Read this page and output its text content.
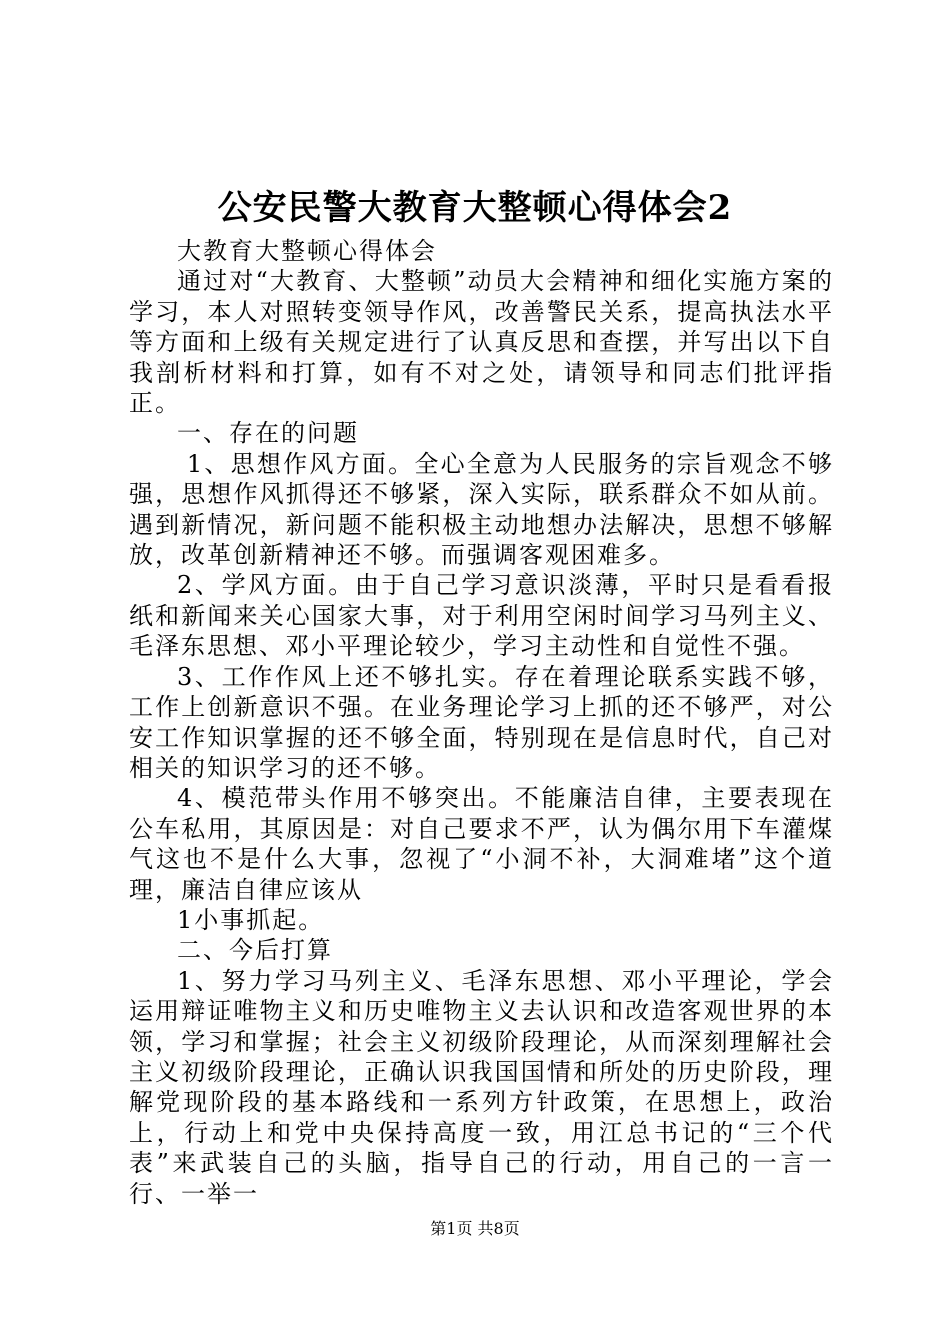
公安民警大教育大整顿心得体会2

大教育大整顿心得体会

通过对“大教育、大整顿”动员大会精神和细化实施方案的学习，本人对照转变领导作风，改善警民关系，提高执法水平等方面和上级有关规定进行了认真反思和查摆，并写出以下自我剖析材料和打算，如有不对之处，请领导和同志们批评指正。

一、存在的问题

1、思想作风方面。全心全意为人民服务的宗旨观念不够强，思想作风抓得还不够紧，深入实际，联系群众不如从前。遇到新情况，新问题不能积极主动地想办法解决，思想不够解放，改革创新精神还不够。而强调客观困难多。

2、学风方面。由于自己学习意识淡薄，平时只是看看报纸和新闻来关心国家大事，对于利用空闲时间学习马列主义、毛泽东思想、邓小平理论较少，学习主动性和自觉性不强。

3、工作作风上还不够扎实。存在着理论联系实践不够，工作上创新意识不强。在业务理论学习上抓的还不够严，对公安工作知识掌握的还不够全面，特别现在是信息时代，自己对相关的知识学习的还不够。

4、模范带头作用不够突出。不能廉洁自律，主要表现在公车私用，其原因是：对自己要求不严，认为偶尔用下车灌煤气这也不是什么大事，忽视了“小洞不补，大洞难堵”这个道理，廉洁自律应该从

1小事抓起。

二、今后打算

1、努力学习马列主义、毛泽东思想、邓小平理论，学会运用辩证唯物主义和历史唯物主义去认识和改造客观世界的本领，学习和掌握；社会主义初级阶段理论，从而深刻理解社会主义初级阶段理论，正确认识我国国情和所处的历史阶段，理解党现阶段的基本路线和一系列方针政策，在思想上，政治上，行动上和党中央保持高度一致，用江总书记的“三个代表”来武装自己的头脑，指导自己的行动，用自己的一言一行、一举一

第1页 共8页
